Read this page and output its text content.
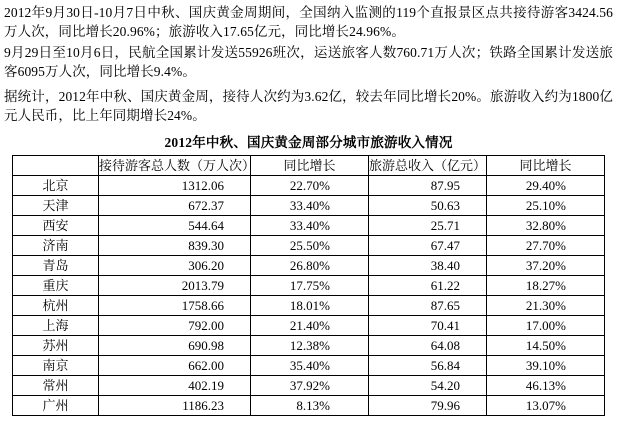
2012年9月30日-10月7日中秋、国庆黄金周期间，全国纳入监测的119个直报景区点共接待游客3424.56万人次，同比增长20.96%；旅游收入17.65亿元，同比增长24.96%。

9月29日至10月6日，民航全国累计发送55926班次，运送旅客人数760.71万人次；铁路全国累计发送旅客6095万人次，同比增长9.4%。

据统计，2012年中秋、国庆黄金周，接待人次约为3.62亿，较去年同比增长20%。旅游收入约为1800亿元人民币，比上年同期增长24%。

2012年中秋、国庆黄金周部分城市旅游收入情况
	接待游客总人数（万人次）	同比增长	旅游总收入（亿元）	同比增长
北京	1312.06	22.70%	87.95	29.40%
天津	672.37	33.40%	50.63	25.10%
西安	544.64	33.40%	25.71	32.80%
济南	839.30	25.50%	67.47	27.70%
青岛	306.20	26.80%	38.40	37.20%
重庆	2013.79	17.75%	61.22	18.27%
杭州	1758.66	18.01%	87.65	21.30%
上海	792.00	21.40%	70.41	17.00%
苏州	690.98	12.38%	64.08	14.50%
南京	662.00	35.40%	56.84	39.10%
常州	402.19	37.92%	54.20	46.13%
广州	1186.23	8.13%	79.96	13.07%
